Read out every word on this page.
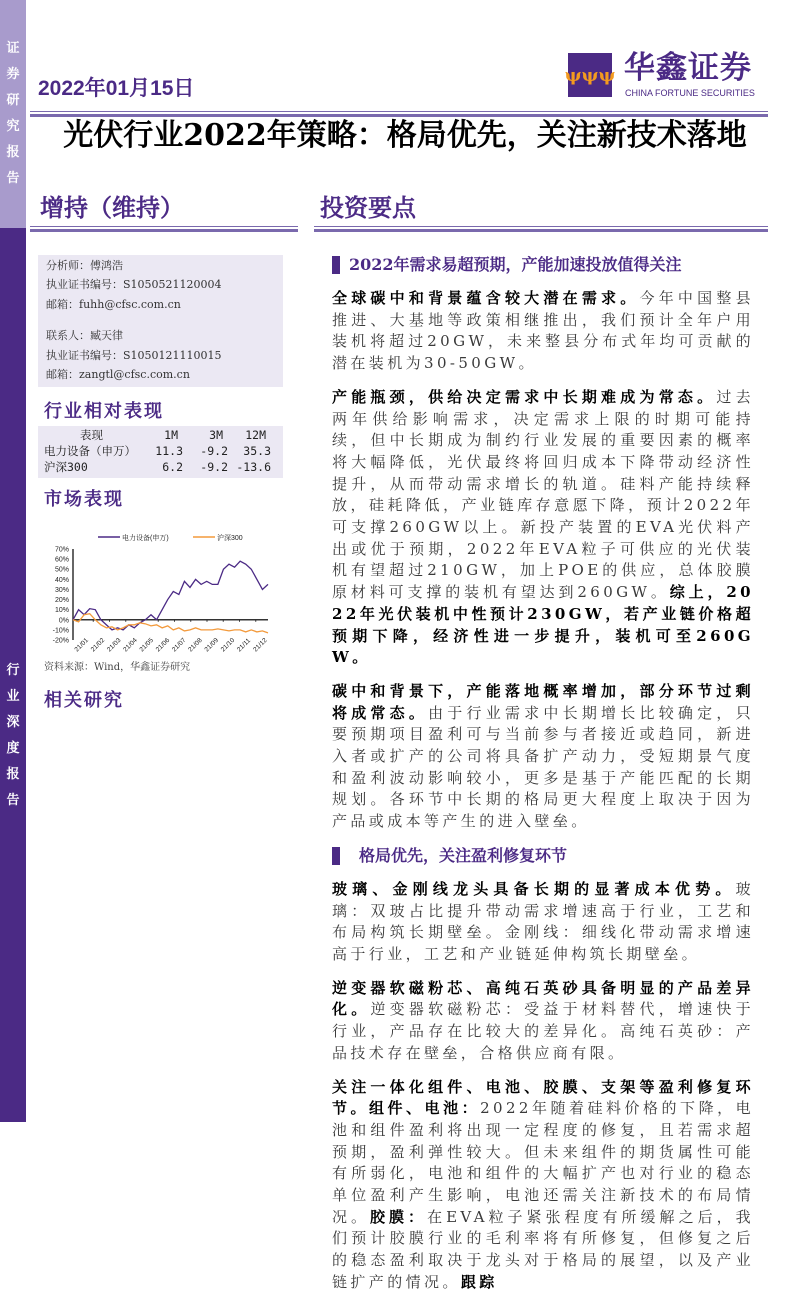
证
券
研
究
报
告
行
业
深
度
报
告
2022年01月15日
ψψψ 华鑫证券
CHINA FORTUNE SECURITIES
光伏行业2022年策略：格局优先，关注新技术落地
增持（维持）	投资要点
分析师：傅鸿浩
执业证书编号：S1050521120004
邮箱：fuhh@cfsc.com.cn
联系人：臧天律
执业证书编号：S1050121110015
邮箱：zangtl@cfsc.com.cn
行业相对表现
表现	1M	3M 12M
电力设备（申万） 11.3 -9.2 35.3
沪深300	6.2 -9.2 -13.6
市场表现
70%
60%
50%
40%
30%
20%
10%
0%
-10%
-20% 21/01 21/02 21/03 21/04 21/05 21/06 21/07 21/08 21/09 21/10 21/11 21/12
电力设备(申万)	沪深300
资料来源：Wind，华鑫证券研究
相关研究
2022年需求易超预期，产能加速投放值得关注
全球碳中和背景蕴含较大潜在需求。今年中国整县推进、大基地等政策相继推出，我们预计全年户用装机将超过20GW，未来整县分布式年均可贡献的潜在装机为30-50GW。
产能瓶颈，供给决定需求中长期难成为常态。过去两年供给影响需求，决定需求上限的时期可能持续，但中长期成为制约行业发展的重要因素的概率将大幅降低，光伏最终将回归成本下降带动经济性提升，从而带动需求增长的轨道。硅料产能持续释放，硅耗降低，产业链库存意愿下降，预计2022年可支撑260GW以上。新投产装置的EVA光伏料产出或优于预期，2022年EVA粒子可供应的光伏装机有望超过210GW，加上POE的供应，总体胶膜原材料可支撑的装机有望达到260GW。综上，2022年光伏装机中性预计230GW，若产业链价格超预期下降，经济性进一步提升，装机可至260GW。
碳中和背景下，产能落地概率增加，部分环节过剩将成常态。由于行业需求中长期增长比较确定，只要预期项目盈利可与当前参与者接近或趋同，新进入者或扩产的公司将具备扩产动力，受短期景气度和盈利波动影响较小，更多是基于产能匹配的长期规划。各环节中长期的格局更大程度上取决于因为产品或成本等产生的进入壁垒。
格局优先，关注盈利修复环节
玻璃、金刚线龙头具备长期的显著成本优势。玻璃：双玻占比提升带动需求增速高于行业，工艺和布局构筑长期壁垒。金刚线：细线化带动需求增速高于行业，工艺和产业链延伸构筑长期壁垒。
逆变器软磁粉芯、高纯石英砂具备明显的产品差异化。逆变器软磁粉芯：受益于材料替代，增速快于行业，产品存在比较大的差异化。高纯石英砂：产品技术存在壁垒，合格供应商有限。
关注一体化组件、电池、胶膜、支架等盈利修复环节。组件、电池：2022年随着硅料价格的下降，电池和组件盈利将出现一定程度的修复，且若需求超预期，盈利弹性较大。但未来组件的期货属性可能有所弱化，电池和组件的大幅扩产也对行业的稳态单位盈利产生影响，电池还需关注新技术的布局情况。胶膜：在EVA粒子紧张程度有所缓解之后，我们预计胶膜行业的毛利率将有所修复，但修复之后的稳态盈利取决于龙头对于格局的展望，以及产业链扩产的情况。跟踪
